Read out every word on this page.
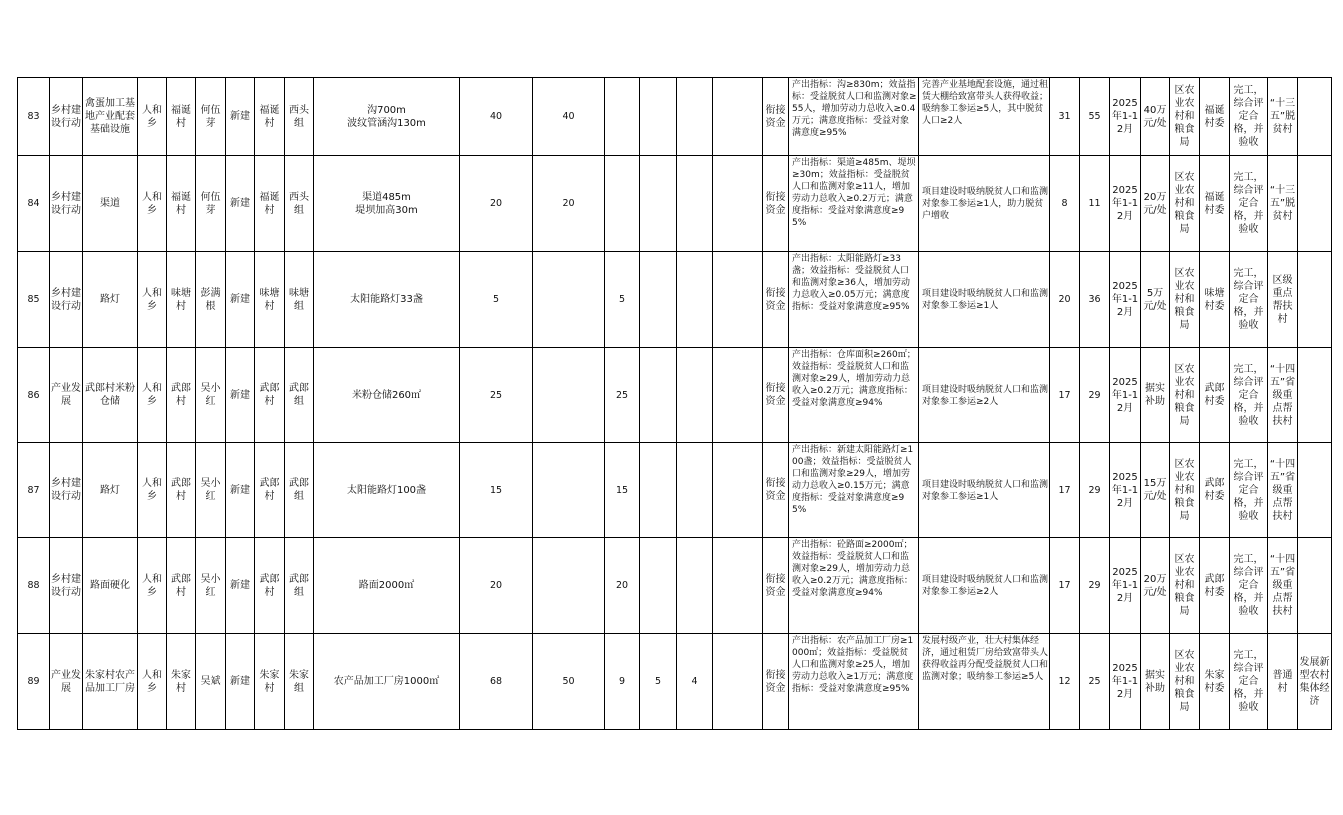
83	乡村建设行动	禽蛋加工基地产业配套基础设施	人和乡	福诞村	何伍芽	新建	福诞村	西头组	沟700m
波纹管涵沟130m	40	40					衔接资金	产出指标：沟≥830m；效益指标：受益脱贫人口和监测对象≥55人，增加劳动力总收入≥0.4万元；满意度指标：受益对象满意度≥95%	完善产业基地配套设施，通过租赁大棚给致富带头人获得收益；吸纳参工参运≥5人，其中脱贫人口≥2人	31	55	2025年1-12月	40万元/处	区农业农村和粮食局	福诞村委	完工，综合评定合格，并验收	“十三五”脱贫村	
84	乡村建设行动	渠道	人和乡	福诞村	何伍芽	新建	福诞村	西头组	渠道485m
堤坝加高30m	20	20					衔接资金	产出指标：渠道≥485m、堤坝≥30m；效益指标：受益脱贫人口和监测对象≥11人，增加劳动力总收入≥0.2万元；满意度指标：受益对象满意度≥95%	项目建设时吸纳脱贫人口和监测对象参工参运≥1人，助力脱贫户增收	8	11	2025年1-12月	20万元/处	区农业农村和粮食局	福诞村委	完工，综合评定合格，并验收	“十三五”脱贫村	
85	乡村建设行动	路灯	人和乡	味塘村	彭满根	新建	味塘村	味塘组	太阳能路灯33盏	5		5				衔接资金	产出指标：太阳能路灯≥33盏；效益指标：受益脱贫人口和监测对象≥36人，增加劳动力总收入≥0.05万元；满意度指标：受益对象满意度≥95%	项目建设时吸纳脱贫人口和监测对象参工参运≥1人	20	36	2025年1-12月	5万元/处	区农业农村和粮食局	味塘村委	完工，综合评定合格，并验收	区级重点帮扶村	
86	产业发展	武郎村米粉仓储	人和乡	武郎村	吴小红	新建	武郎村	武郎组	米粉仓储260㎡	25		25				衔接资金	产出指标：仓库面积≥260㎡；效益指标：受益脱贫人口和监测对象≥29人，增加劳动力总收入≥0.2万元；满意度指标：受益对象满意度≥94%	项目建设时吸纳脱贫人口和监测对象参工参运≥2人	17	29	2025年1-12月	据实补助	区农业农村和粮食局	武郎村委	完工，综合评定合格，并验收	“十四五”省级重点帮扶村	
87	乡村建设行动	路灯	人和乡	武郎村	吴小红	新建	武郎村	武郎组	太阳能路灯100盏	15		15				衔接资金	产出指标：新建太阳能路灯≥100盏；效益指标：受益脱贫人口和监测对象≥29人，增加劳动力总收入≥0.15万元；满意度指标：受益对象满意度≥95%	项目建设时吸纳脱贫人口和监测对象参工参运≥1人	17	29	2025年1-12月	15万元/处	区农业农村和粮食局	武郎村委	完工，综合评定合格，并验收	“十四五”省级重点帮扶村	
88	乡村建设行动	路面硬化	人和乡	武郎村	吴小红	新建	武郎村	武郎组	路面2000㎡	20		20				衔接资金	产出指标：砼路面≥2000㎡；效益指标：受益脱贫人口和监测对象≥29人，增加劳动力总收入≥0.2万元；满意度指标：受益对象满意度≥94%	项目建设时吸纳脱贫人口和监测对象参工参运≥2人	17	29	2025年1-12月	20万元/处	区农业农村和粮食局	武郎村委	完工，综合评定合格，并验收	“十四五”省级重点帮扶村	
89	产业发展	朱家村农产品加工厂房	人和乡	朱家村	吴斌	新建	朱家村	朱家组	农产品加工厂房1000㎡	68	50	9	5	4		衔接资金	产出指标：农产品加工厂房≥1000㎡；效益指标：受益脱贫人口和监测对象≥25人，增加劳动力总收入≥1万元；满意度指标：受益对象满意度≥95%	发展村级产业，壮大村集体经济，通过租赁厂房给致富带头人获得收益再分配受益脱贫人口和监测对象；吸纳参工参运≥5人	12	25	2025年1-12月	据实补助	区农业农村和粮食局	朱家村委	完工，综合评定合格，并验收	普通村	发展新型农村集体经济
